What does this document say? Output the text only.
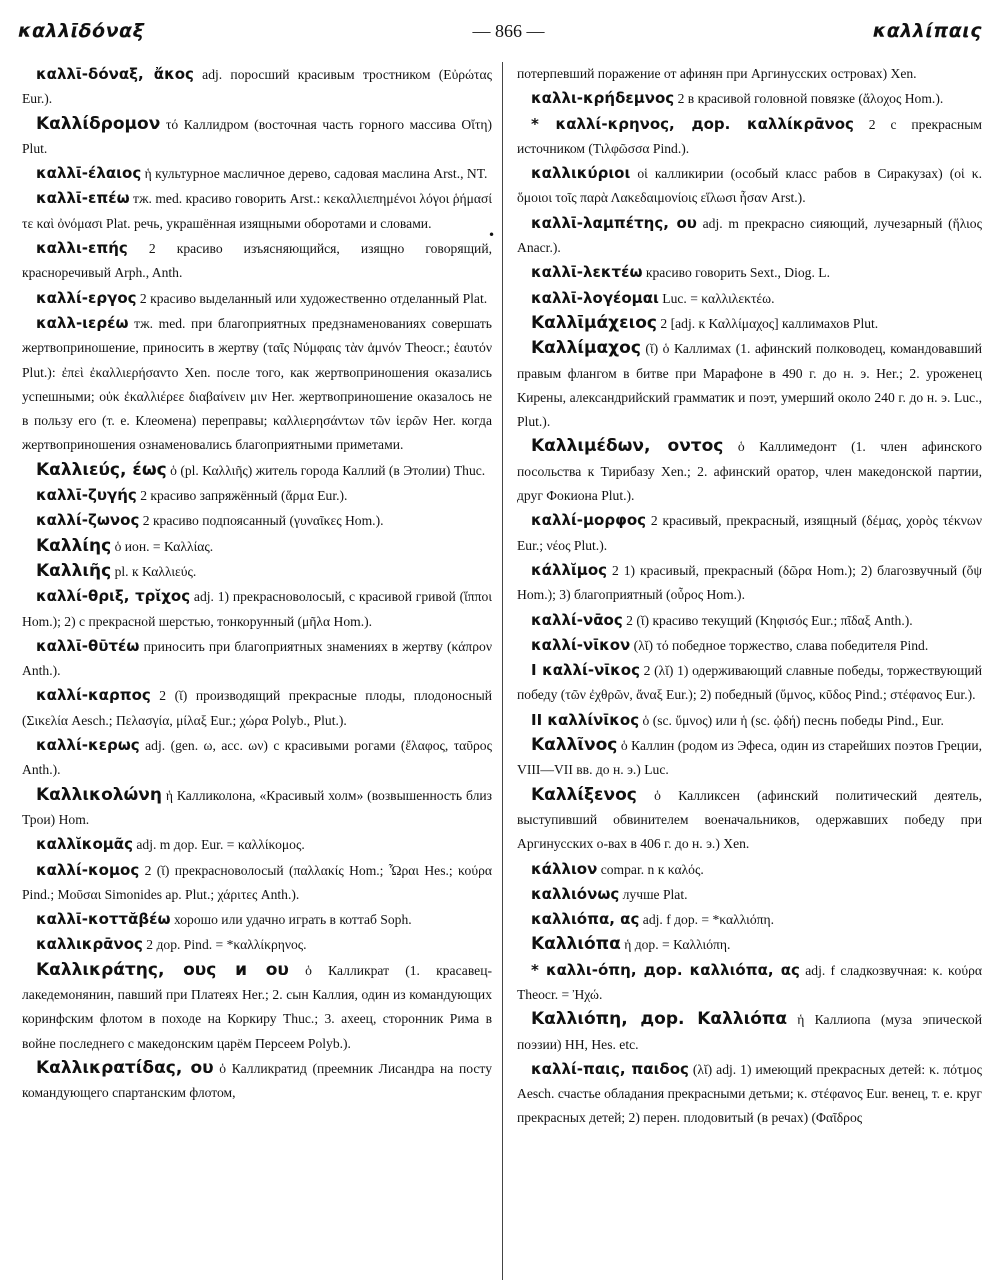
καλλῑδόναξ	— 866 —	καλλίπαις
•

καλλῑ-δόναξ, ἄκος adj. поросший красивым тростником (Εὐρώτας Eur.).

Καλλίδρομον τό Каллидром (восточная часть горного массива Οἴτη) Plut.

καλλῑ-έλαιος ἡ культурное масличное дерево, садовая маслина Arst., NT.

καλλῑ-επέω тж. med. красиво говорить Arst.: κεκαλλιεπημένοι λόγοι ῥήμασί τε καὶ ὀνόμασι Plat. речь, украшённая изящными оборотами и словами.

καλλι-επής 2 красиво изъясняющийся, изящно говорящий, красноречивый Arph., Anth.

καλλί-εργος 2 красиво выделанный или художественно отделанный Plat.

καλλ-ιερέω тж. med. при благоприятных предзнаменованиях совершать жертвоприношение, приносить в жертву (ταῖς Νύμφαις τὰν ἀμνόν Theocr.; ἑαυτόν Plut.): ἐπεὶ ἐκαλλιερήσαντο Xen. после того, как жертвоприношения оказались успешными; οὐκ ἐκαλλιέρεε διαβαίνειν μιν Her. жертвоприношение оказалось не в пользу его (т. е. Клеомена) переправы; καλλιερησάντων τῶν ἱερῶν Her. когда жертвоприношения ознаменовались благоприятными приметами.

Καλλιεύς, έως ὁ (pl. Καλλιῆς) житель города Каллий (в Этолии) Thuc.

καλλῑ-ζυγής 2 красиво запряжённый (ἅρμα Eur.).

καλλί-ζωνος 2 красиво подпоясанный (γυναῖκες Hom.).

Καλλίης ὁ ион. = Καλλίας.

Καλλιῆς pl. к Καλλιεύς.

καλλί-θριξ, τρῐχος adj. 1) прекрасноволосый, с красивой гривой (ἵπποι Hom.); 2) с прекрасной шерстью, тонкорунный (μῆλα Hom.).

καλλῑ-θῡτέω приносить при благоприятных знамениях в жертву (κάπρον Anth.).

καλλί-καρπος 2 (ῐ) производящий прекрасные плоды, плодоносный (Σικελία Aesch.; Πελασγία, μίλαξ Eur.; χώρα Polyb., Plut.).

καλλί-κερως adj. (gen. ω, acc. ων) с красивыми рогами (ἔλαφος, ταῦρος Anth.).

Καλλικολώνη ἡ Калликолона, «Красивый холм» (возвышенность близ Трои) Hom.

καλλῐκομᾶς adj. m дор. Eur. = καλλίκομος.

καλλί-κομος 2 (ῐ) прекрасноволосый (παλλακίς Hom.; Ὧραι Hes.; κούρα Pind.; Μοῦσαι Simonides ap. Plut.; χάριτες Anth.).

καλλῑ-κοττᾰβέω хорошо или удачно играть в коттаб Soph.

καλλικρᾱνος 2 дор. Pind. = *καλλίκρηνος.

Καλλικράτης, ους и ου ὁ Калликрат (1. красавец-лакедемонянин, павший при Платеях Her.; 2. сын Каллия, один из командующих коринфским флотом в походе на Коркиру Thuc.; 3. ахеец, сторонник Рима в войне последнего с македонским царём Персеем Polyb.).

Καλλικρατίδας, ου ὁ Калликратид (преемник Лисандра на посту командующего спартанским флотом,

потерпевший поражение от афинян при Аргинусских островах) Xen.

καλλι-κρήδεμνος 2 в красивой головной повязке (ἄλοχος Hom.).

* καλλί-κρηνος, дор. καλλίκρᾱνος 2 с прекрасным источником (Τιλφῶσσα Pind.).

καλλικύριοι οἱ калликирии (особый класс рабов в Сиракузах) (οἱ κ. ὅμοιοι τοῖς παρὰ Λακεδαιμονίοις εἵλωσι ἦσαν Arst.).

καλλῑ-λαμπέτης, ου adj. m прекрасно сияющий, лучезарный (ἥλιος Anacr.).

καλλῑ-λεκτέω красиво говорить Sext., Diog. L.

καλλῑ-λογέομαι Luc. = καλλιλεκτέω.

Καλλῑμάχειος 2 [adj. к Καλλίμαχος] каллимахов Plut.

Καλλίμαχος (ῐ) ὁ Каллимах (1. афинский полководец, командовавший правым флангом в битве при Марафоне в 490 г. до н. э. Her.; 2. уроженец Кирены, александрийский грамматик и поэт, умерший около 240 г. до н. э. Luc., Plut.).

Καλλιμέδων, οντος ὁ Каллимедонт (1. член афинского посольства к Тирибазу Xen.; 2. афинский оратор, член македонской партии, друг Фокиона Plut.).

καλλί-μορφος 2 красивый, прекрасный, изящный (δέμας, χορὸς τέκνων Eur.; νέος Plut.).

κάλλῐμος 2 1) красивый, прекрасный (δῶρα Hom.); 2) благозвучный (ὄψ Hom.); 3) благоприятный (οὖρος Hom.).

καλλί-νᾱος 2 (ῐ) красиво текущий (Κηφισός Eur.; πῖδαξ Anth.).

καλλί-νῑκον (λῐ) τό победное торжество, слава победителя Pind.

I καλλί-νῑκος 2 (λῐ) 1) одерживающий славные победы, торжествующий победу (τῶν ἐχθρῶν, ἄναξ Eur.); 2) победный (ὕμνος, κῦδος Pind.; στέφανος Eur.).

II καλλίνῑκος ὁ (sc. ὕμνος) или ἡ (sc. ᾠδή) песнь победы Pind., Eur.

Καλλῖνος ὁ Каллин (родом из Эфеса, один из старейших поэтов Греции, VIII—VII вв. до н. э.) Luc.

Καλλίξενος ὁ Калликсен (афинский политический деятель, выступивший обвинителем военачальников, одержавших победу при Аргинусских о-вах в 406 г. до н. э.) Xen.

κάλλιον compar. n к καλός.

καλλιόνως лучше Plat.

καλλιόπα, ας adj. f дор. = *καλλιόπη.

Καλλιόπα ἡ дор. = Καλλιόπη.

* καλλι-όπη, дор. καλλιόπα, ας adj. f сладкозвучная: κ. κούρα Theocr. = Ἠχώ.

Καλλιόπη, дор. Καλλιόπα ἡ Каллиопа (муза эпической поэзии) HH, Hes. etc.

καλλί-παις, παιδος (λῐ) adj. 1) имеющий прекрасных детей: κ. πότμος Aesch. счастье обладания прекрасными детьми; κ. στέφανος Eur. венец, т. е. круг прекрасных детей; 2) перен. плодовитый (в речах) (Φαῖδρος
